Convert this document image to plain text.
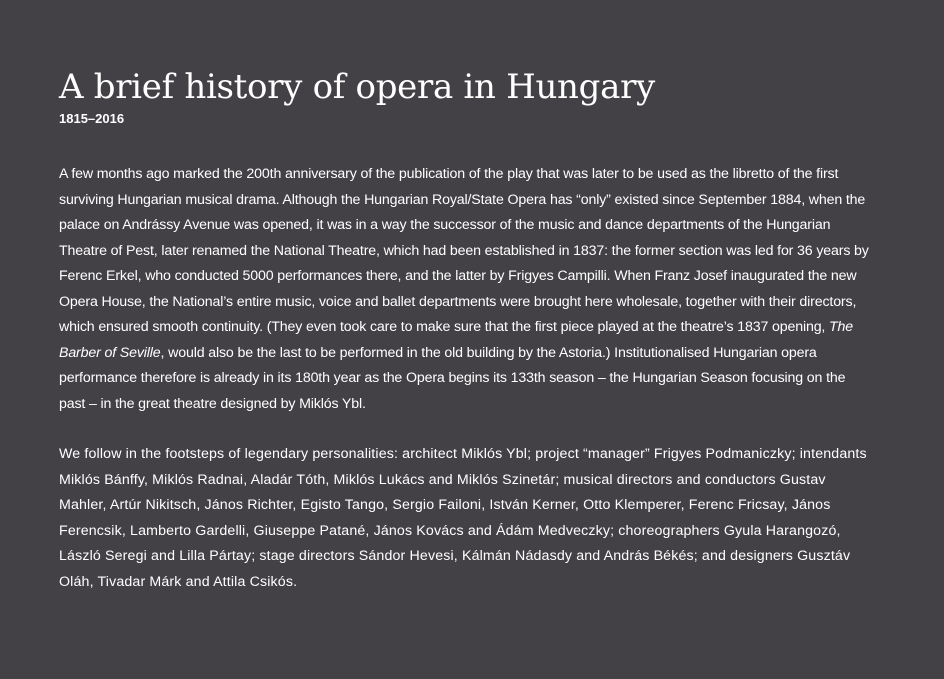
A brief history of opera in Hungary
1815–2016

A few months ago marked the 200th anniversary of the publication of the play that was later to be used as the libretto of the first surviving Hungarian musical drama. Although the Hungarian Royal/State Opera has “only” existed since September 1884, when the palace on Andrássy Avenue was opened, it was in a way the successor of the music and dance departments of the Hungarian Theatre of Pest, later renamed the National Theatre, which had been established in 1837: the former section was led for 36 years by Ferenc Erkel, who conducted 5000 performances there, and the latter by Frigyes Campilli. When Franz Josef inaugurated the new Opera House, the National’s entire music, voice and ballet departments were brought here wholesale, together with their directors, which ensured smooth continuity. (They even took care to make sure that the first piece played at the theatre’s 1837 opening, The Barber of Seville, would also be the last to be performed in the old building by the Astoria.) Institutionalised Hungarian opera performance therefore is already in its 180th year as the Opera begins its 133th season – the Hungarian Season focusing on the past – in the great theatre designed by Miklós Ybl.

We follow in the footsteps of legendary personalities: architect Miklós Ybl; project “manager” Frigyes Podmaniczky; intendants Miklós Bánffy, Miklós Radnai, Aladár Tóth, Miklós Lukács and Miklós Szinetár; musical directors and conductors Gustav Mahler, Artúr Nikitsch, János Richter, Egisto Tango, Sergio Failoni, István Kerner, Otto Klemperer, Ferenc Fricsay, János Ferencsik, Lamberto Gardelli, Giuseppe Patané, János Kovács and Ádám Medveczky; choreographers Gyula Harangozó, László Seregi and Lilla Pártay; stage directors Sándor Hevesi, Kálmán Nádasdy and András Békés; and designers Gusztáv Oláh, Tivadar Márk and Attila Csikós.
